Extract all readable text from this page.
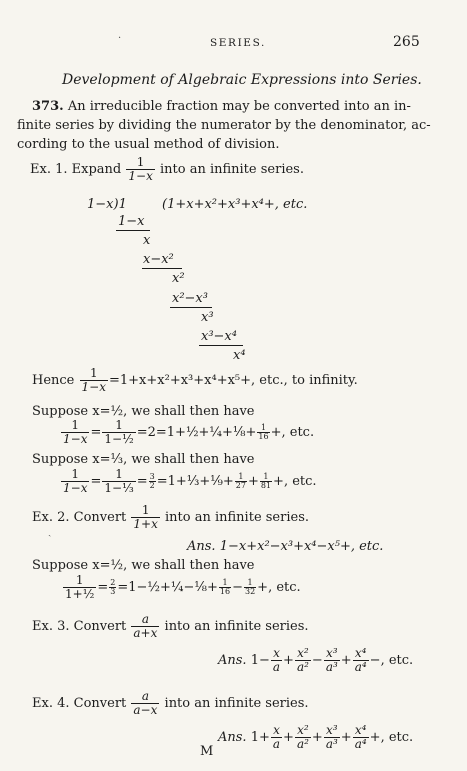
SERIES.	265
·
Development of Algebraic Expressions into Series.
373. An irreducible fraction may be converted into an in-
finite series by dividing the numerator by the denominator, ac-
cording to the usual method of division.
Ex. 1. Expand $\frac{1}{1-x}$ into an infinite series.
1−x)1	(1+x+x²+x³+x⁴+, etc.
1−x
x
x−x²
x²
x²−x³
x³
x³−x⁴
x⁴
Hence $\frac{1}{1-x} =1+x+x^2+x^3+x^4+x^5+$, etc., to infinity.
Suppose x=½, we shall then have
$\frac{1}{1-x} = \frac{1}{\text{1−½}}$ =2=1+½+¼+⅛+ $\frac{1}{16}$ +, etc.
Suppose x=⅓, we shall then have
$\frac{1}{1-x} = \frac{1}{\text{1−⅓}} = \frac{3}{2}$ =1+⅓+⅑+ $\frac{1}{27} + \frac{1}{81}$ +, etc.
Ex. 2. Convert $\frac{1}{1+x}$ into an infinite series.
ˎ
Ans. 1−x+x²−x³+x⁴−x⁵+, etc.
Suppose x=½, we shall then have
$\frac{1}{\text{1+½}} = \frac{2}{3}$ =1−½+¼−⅛+ $\frac{1}{16} - \frac{1}{32}$ +, etc.
Ex. 3. Convert $\frac{a}{a+x}$ into an infinite series.
Ans. $1- \frac{x}{a} + \frac{\text{x²}}{\text{a²}} - \frac{\text{x³}}{\text{a³}} + \frac{\text{x⁴}}{\text{a⁴}}$ −, etc.
Ex. 4. Convert $\frac{a}{a-x}$ into an infinite series.
Ans. $1+ \frac{x}{a} + \frac{\text{x²}}{\text{a²}} + \frac{\text{x³}}{\text{a³}} + \frac{\text{x⁴}}{\text{a⁴}}$ +, etc.
M
